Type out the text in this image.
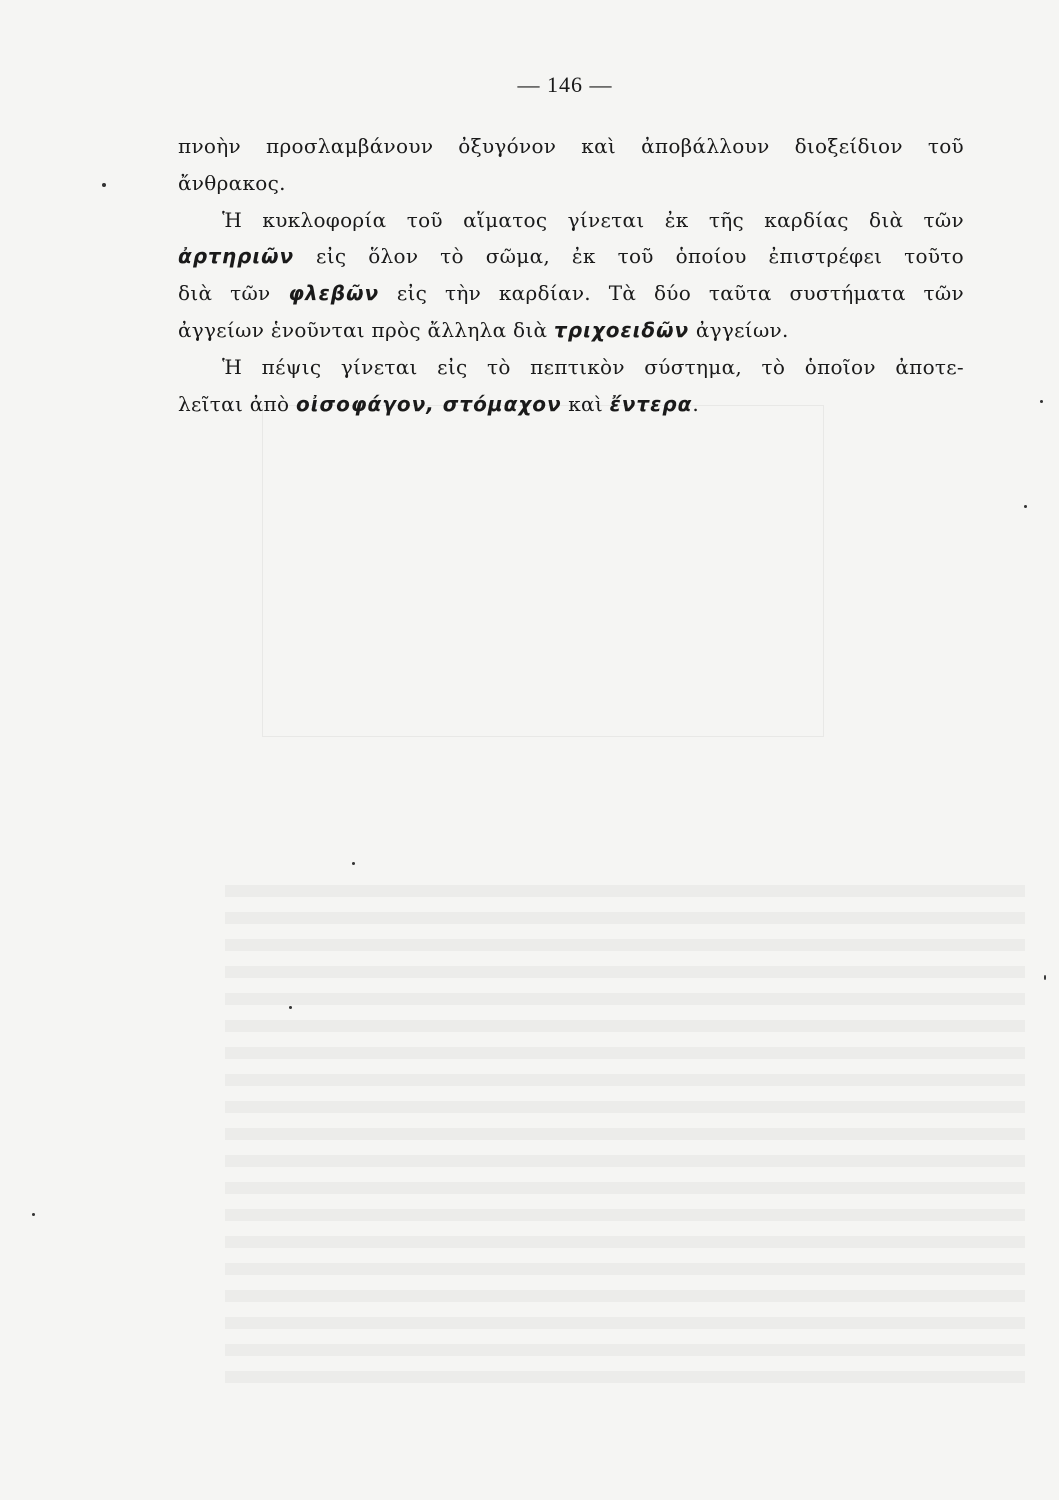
— 146 —
πνοὴν προσλαμβάνουν ὀξυγόνον καὶ ἀποβάλλουν διοξείδιον τοῦ
ἄνθρακος.
Ἡ κυκλοφορία τοῦ αἵματος γίνεται ἐκ τῆς καρδίας διὰ τῶν
ἀρτηριῶν εἰς ὅλον τὸ σῶμα, ἐκ τοῦ ὁποίου ἐπιστρέφει τοῦτο
διὰ τῶν φλεβῶν εἰς τὴν καρδίαν. Τὰ δύο ταῦτα συστήματα τῶν
ἀγγείων ἑνοῦνται πρὸς ἄλληλα διὰ τριχοειδῶν ἀγγείων.
Ἡ πέψις γίνεται εἰς τὸ πεπτικὸν σύστημα, τὸ ὁποῖον ἀποτε-
λεῖται ἀπὸ οἰσοφάγον, στόμαχον καὶ ἔντερα.
